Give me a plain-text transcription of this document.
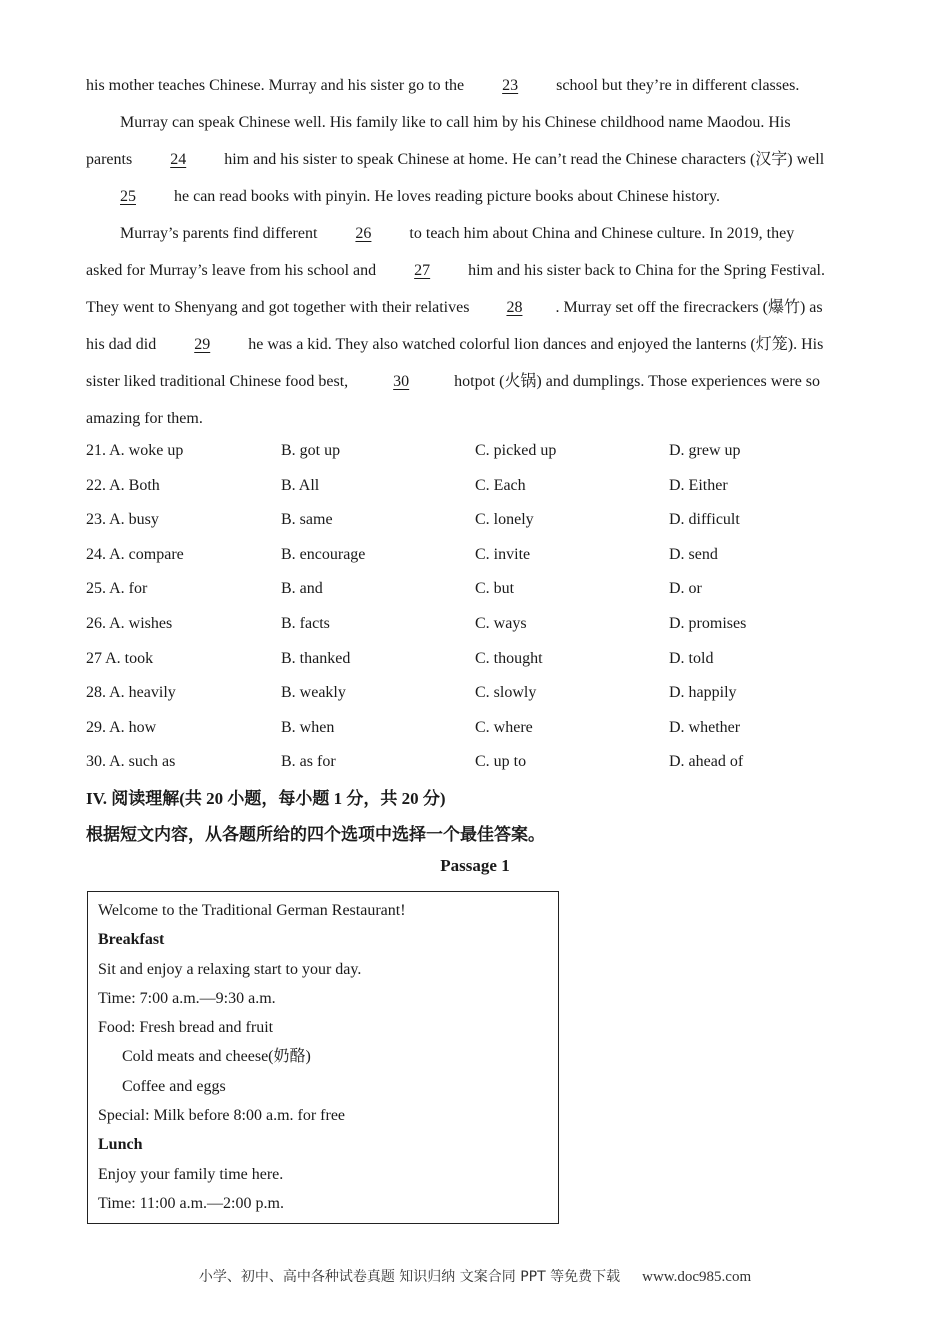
his mother teaches Chinese. Murray and his sister go to the 23 school but they’re in different classes.
Murray can speak Chinese well. His family like to call him by his Chinese childhood name Maodou. His
parents 24 him and his sister to speak Chinese at home. He can’t read the Chinese characters (汉字) well
25 he can read books with pinyin. He loves reading picture books about Chinese history.
Murray’s parents find different 26 to teach him about China and Chinese culture. In 2019, they
asked for Murray’s leave from his school and 27 him and his sister back to China for the Spring Festival.
They went to Shenyang and got together with their relatives 28 . Murray set off the firecrackers (爆竹) as
his dad did 29 he was a kid. They also watched colorful lion dances and enjoyed the lanterns (灯笼). His
sister liked traditional Chinese food best,	30	hotpot (火锅) and dumplings. Those experiences were so
amazing for them.
21. A. woke up	B. got up	C. picked up	D. grew up
22. A. Both	B. All	C. Each	D. Either
23. A. busy	B. same	C. lonely	D. difficult
24. A. compare	B. encourage	C. invite	D. send
25. A. for	B. and	C. but	D. or
26. A. wishes	B. facts	C. ways	D. promises
27 A. took	B. thanked	C. thought	D. told
28. A. heavily	B. weakly	C. slowly	D. happily
29. A. how	B. when	C. where	D. whether
30. A. such as	B. as for	C. up to	D. ahead of
IV. 阅读理解(共 20 小题，每小题 1 分，共 20 分)
根据短文内容，从各题所给的四个选项中选择一个最佳答案。
Passage 1
Welcome to the Traditional German Restaurant!
Breakfast
Sit and enjoy a relaxing start to your day.
Time: 7:00 a.m.—9:30 a.m.
Food: Fresh bread and fruit
Cold meats and cheese(奶酪)
Coffee and eggs
Special: Milk before 8:00 a.m. for free
Lunch
Enjoy your family time here.
Time: 11:00 a.m.—2:00 p.m.
小学、初中、高中各种试卷真题 知识归纳 文案合同 PPT 等免费下载 www.doc985.com
